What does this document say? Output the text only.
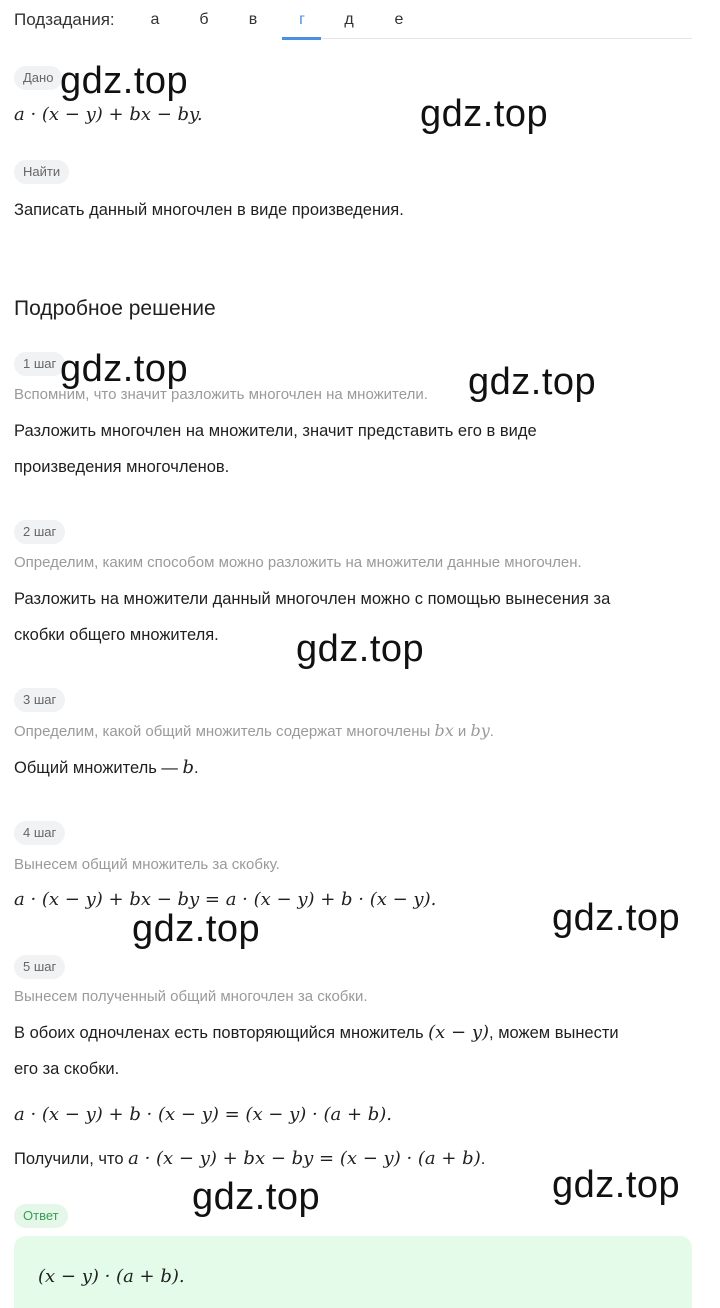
Подзадания:	а	б	в	г	д	е
Дано
a · (x − y) + bx − by.
Найти
Записать данный многочлен в виде произведения.
Подробное решение
1 шаг
Вспомним, что значит разложить многочлен на множители.
Разложить многочлен на множители, значит представить его в виде
произведения многочленов.
2 шаг
Определим, каким способом можно разложить на множители данные многочлен.
Разложить на множители данный многочлен можно с помощью вынесения за
скобки общего множителя.
3 шаг
Определим, какой общий множитель содержат многочлены bx и by.
Общий множитель — b.
4 шаг
Вынесем общий множитель за скобку.
a · (x − y) + bx − by = a · (x − y) + b · (x − y).
5 шаг
Вынесем полученный общий многочлен за скобки.
В обоих одночленах есть повторяющийся множитель (x − y), можем вынести
его за скобки.
a · (x − y) + b · (x − y) = (x − y) · (a + b).
Получили, что a · (x − y) + bx − by = (x − y) · (a + b).
Ответ
(x − y) · (a + b).
gdz.top
gdz.top
gdz.top	gdz.top
gdz.top
gdz.top
gdz.top
gdz.top
gdz.top
